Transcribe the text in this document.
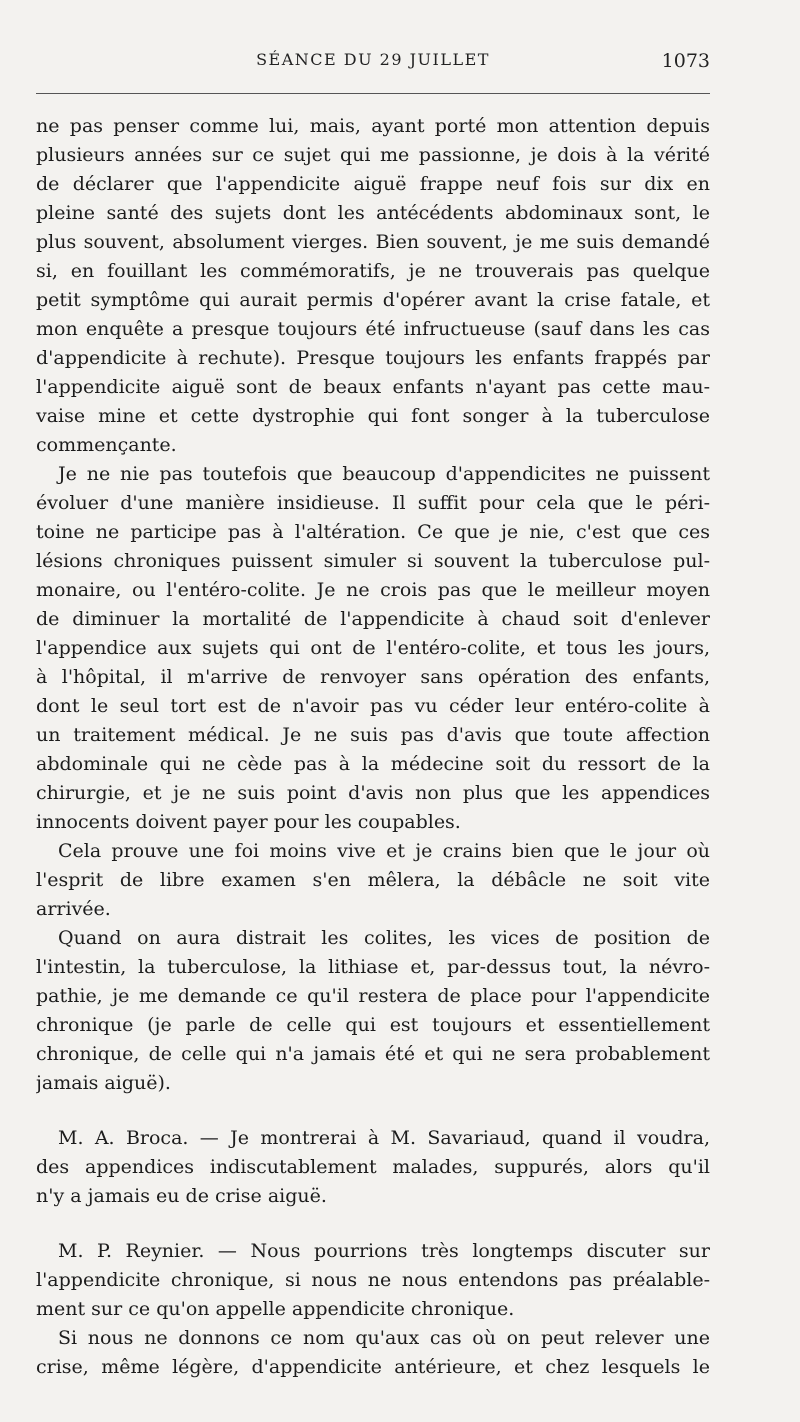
SÉANCE DU 29 JUILLET	1073
ne pas penser comme lui, mais, ayant porté mon attention depuis
plusieurs années sur ce sujet qui me passionne, je dois à la vérité
de déclarer que l'appendicite aiguë frappe neuf fois sur dix en
pleine santé des sujets dont les antécédents abdominaux sont, le
plus souvent, absolument vierges. Bien souvent, je me suis demandé
si, en fouillant les commémoratifs, je ne trouverais pas quelque
petit symptôme qui aurait permis d'opérer avant la crise fatale, et
mon enquête a presque toujours été infructueuse (sauf dans les cas
d'appendicite à rechute). Presque toujours les enfants frappés par
l'appendicite aiguë sont de beaux enfants n'ayant pas cette mau-
vaise mine et cette dystrophie qui font songer à la tuberculose
commençante.
Je ne nie pas toutefois que beaucoup d'appendicites ne puissent
évoluer d'une manière insidieuse. Il suffit pour cela que le péri-
toine ne participe pas à l'altération. Ce que je nie, c'est que ces
lésions chroniques puissent simuler si souvent la tuberculose pul-
monaire, ou l'entéro-colite. Je ne crois pas que le meilleur moyen
de diminuer la mortalité de l'appendicite à chaud soit d'enlever
l'appendice aux sujets qui ont de l'entéro-colite, et tous les jours,
à l'hôpital, il m'arrive de renvoyer sans opération des enfants,
dont le seul tort est de n'avoir pas vu céder leur entéro-colite à
un traitement médical. Je ne suis pas d'avis que toute affection
abdominale qui ne cède pas à la médecine soit du ressort de la
chirurgie, et je ne suis point d'avis non plus que les appendices
innocents doivent payer pour les coupables.
Cela prouve une foi moins vive et je crains bien que le jour où
l'esprit de libre examen s'en mêlera, la débâcle ne soit vite
arrivée.
Quand on aura distrait les colites, les vices de position de
l'intestin, la tuberculose, la lithiase et, par-dessus tout, la névro-
pathie, je me demande ce qu'il restera de place pour l'appendicite
chronique (je parle de celle qui est toujours et essentiellement
chronique, de celle qui n'a jamais été et qui ne sera probablement
jamais aiguë).
M. A. Broca. — Je montrerai à M. Savariaud, quand il voudra,
des appendices indiscutablement malades, suppurés, alors qu'il
n'y a jamais eu de crise aiguë.
M. P. Reynier. — Nous pourrions très longtemps discuter sur
l'appendicite chronique, si nous ne nous entendons pas préalable-
ment sur ce qu'on appelle appendicite chronique.
Si nous ne donnons ce nom qu'aux cas où on peut relever une
crise, même légère, d'appendicite antérieure, et chez lesquels le
